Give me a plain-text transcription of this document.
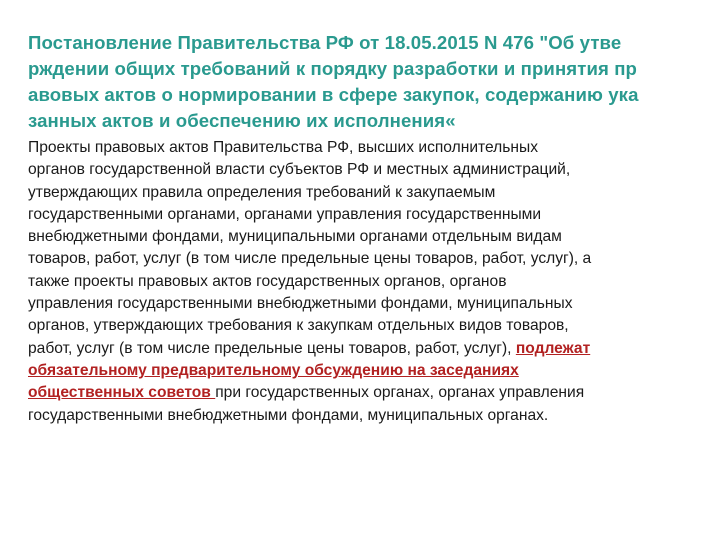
Постановление Правительства РФ от 18.05.2015 N 476 "Об утве
рждении общих требований к порядку разработки и принятия пр
авовых актов о нормировании в сфере закупок, содержанию ука
занных актов и обеспечению их исполнения«
Проекты правовых актов Правительства РФ, высших исполнительных
органов государственной власти субъектов РФ и местных администраций,
утверждающих правила определения требований к закупаемым
государственными органами, органами управления государственными
внебюджетными фондами, муниципальными органами отдельным видам
товаров, работ, услуг (в том числе предельные цены товаров, работ, услуг), а
также проекты правовых актов государственных органов, органов
управления государственными внебюджетными фондами, муниципальных
органов, утверждающих требования к закупкам отдельных видов товаров,
работ, услуг (в том числе предельные цены товаров, работ, услуг), подлежат
обязательному предварительному обсуждению на заседаниях
общественных советов при государственных органах, органах управления
государственными внебюджетными фондами, муниципальных органах.
